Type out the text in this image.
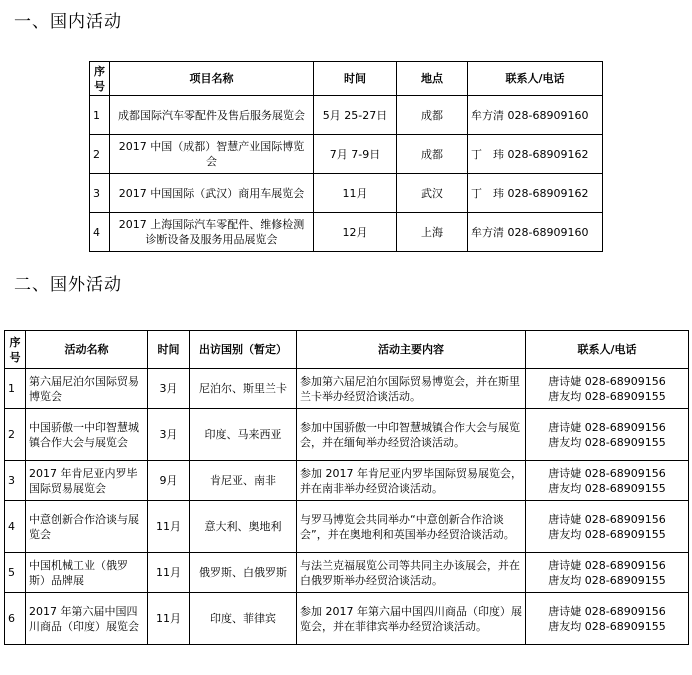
一、国内活动
序号	项目名称	时间	地点	联系人/电话
1	成都国际汽车零配件及售后服务展览会	5月 25-27日	成都	牟方清 028-68909160
2	2017 中国（成都）智慧产业国际博览会	7月 7-9日	成都	丁　玮 028-68909162
3	2017 中国国际（武汉）商用车展览会	11月	武汉	丁　玮 028-68909162
4	2017 上海国际汽车零配件、维修检测诊断设备及服务用品展览会	12月	上海	牟方清 028-68909160
二、国外活动
序号	活动名称	时间	出访国别（暂定）	活动主要内容	联系人/电话
1	第六届尼泊尔国际贸易博览会	3月	尼泊尔、斯里兰卡	参加第六届尼泊尔国际贸易博览会，并在斯里兰卡举办经贸洽谈活动。	唐诗婕 028-68909156
唐友均 028-68909155

2	中国骄傲一中印智慧城镇合作大会与展览会	3月	印度、马来西亚	参加中国骄傲一中印智慧城镇合作大会与展览会，并在缅甸举办经贸洽谈活动。	唐诗婕 028-68909156
唐友均 028-68909155

3	2017 年肯尼亚内罗毕国际贸易展览会	9月	肯尼亚、南非	参加 2017 年肯尼亚内罗毕国际贸易展览会，并在南非举办经贸洽谈活动。	唐诗婕 028-68909156
唐友均 028-68909155

4	中意创新合作洽谈与展览会	11月	意大利、奥地利	与罗马博览会共同举办“中意创新合作洽谈会”，并在奥地利和英国举办经贸洽谈活动。	唐诗婕 028-68909156
唐友均 028-68909155

5	中国机械工业（俄罗斯）品牌展	11月	俄罗斯、白俄罗斯	与法兰克福展览公司等共同主办该展会，并在白俄罗斯举办经贸洽谈活动。	唐诗婕 028-68909156
唐友均 028-68909155

6	2017 年第六届中国四川商品（印度）展览会	11月	印度、菲律宾	参加 2017 年第六届中国四川商品（印度）展览会，并在菲律宾举办经贸洽谈活动。	唐诗婕 028-68909156
唐友均 028-68909155
